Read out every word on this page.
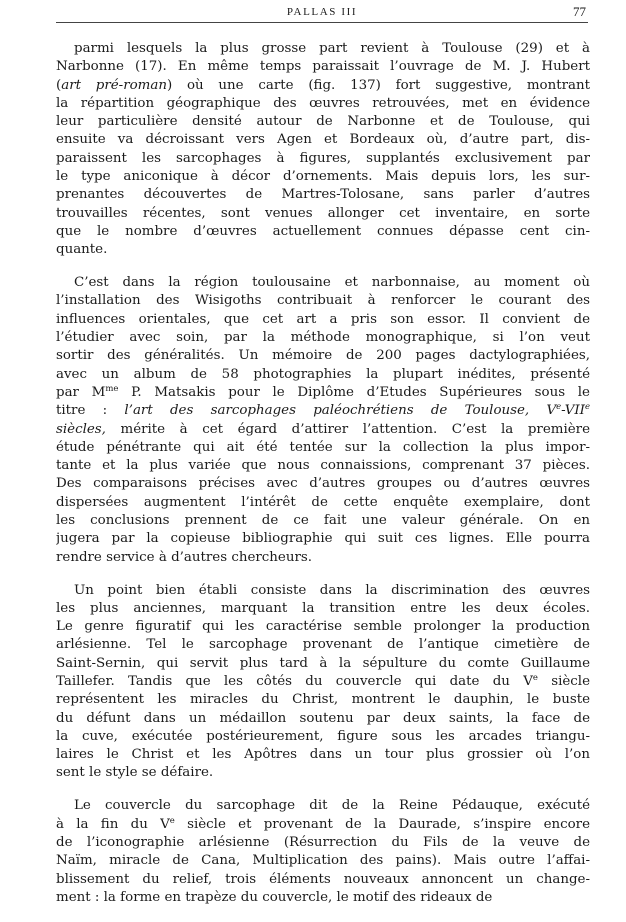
PALLAS III	77
parmi lesquels la plus grosse part revient à Toulouse (29) et à
Narbonne (17). En même temps paraissait l’ouvrage de M. J. Hubert
(art pré-roman) où une carte (fig. 137) fort suggestive, montrant
la répartition géographique des œuvres retrouvées, met en évidence
leur particulière densité autour de Narbonne et de Toulouse, qui
ensuite va décroissant vers Agen et Bordeaux où, d’autre part, dis-
paraissent les sarcophages à figures, supplantés exclusivement par
le type aniconique à décor d’ornements. Mais depuis lors, les sur-
prenantes découvertes de Martres-Tolosane, sans parler d’autres
trouvailles récentes, sont venues allonger cet inventaire, en sorte
que le nombre d’œuvres actuellement connues dépasse cent cin-
quante.
C’est dans la région toulousaine et narbonnaise, au moment où
l’installation des Wisigoths contribuait à renforcer le courant des
influences orientales, que cet art a pris son essor. Il convient de
l’étudier avec soin, par la méthode monographique, si l’on veut
sortir des généralités. Un mémoire de 200 pages dactylographiées,
avec un album de 58 photographies la plupart inédites, présenté
par $M^{me}$ P. Matsakis pour le Diplôme d’Etudes Supérieures sous le
titre : l’art des sarcophages paléochrétiens de Toulouse, Ve-VIIe
siècles, mérite à cet égard d’attirer l’attention. C’est la première
étude pénétrante qui ait été tentée sur la collection la plus impor-
tante et la plus variée que nous connaissions, comprenant 37 pièces.
Des comparaisons précises avec d’autres groupes ou d’autres œuvres
dispersées augmentent l’intérêt de cette enquête exemplaire, dont
les conclusions prennent de ce fait une valeur générale. On en
jugera par la copieuse bibliographie qui suit ces lignes. Elle pourra
rendre service à d’autres chercheurs.
Un point bien établi consiste dans la discrimination des œuvres
les plus anciennes, marquant la transition entre les deux écoles.
Le genre figuratif qui les caractérise semble prolonger la production
arlésienne. Tel le sarcophage provenant de l’antique cimetière de
Saint-Sernin, qui servit plus tard à la sépulture du comte Guillaume
Taillefer. Tandis que les côtés du couvercle qui date du Ve siècle
représentent les miracles du Christ, montrent le dauphin, le buste
du défunt dans un médaillon soutenu par deux saints, la face de
la cuve, exécutée postérieurement, figure sous les arcades triangu-
laires le Christ et les Apôtres dans un tour plus grossier où l’on
sent le style se défaire.
Le couvercle du sarcophage dit de la Reine Pédauque, exécuté
à la fin du Ve siècle et provenant de la Daurade, s’inspire encore
de l’iconographie arlésienne (Résurrection du Fils de la veuve de
Naïm, miracle de Cana, Multiplication des pains). Mais outre l’affai-
blissement du relief, trois éléments nouveaux annoncent un change-
ment : la forme en trapèze du couvercle, le motif des rideaux de
